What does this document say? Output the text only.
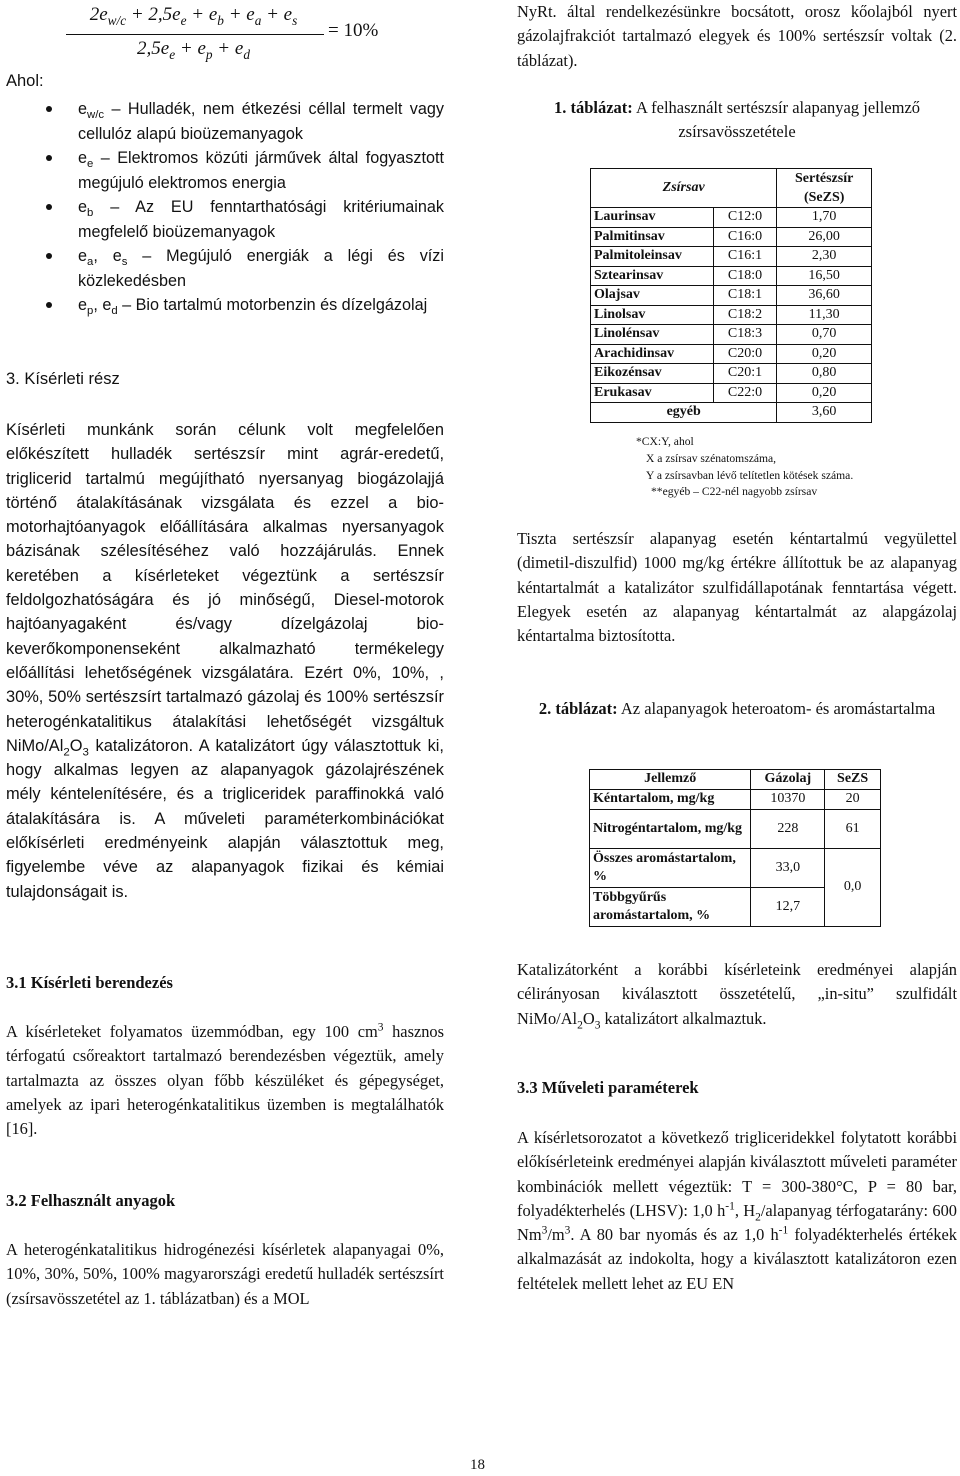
$2e_{w/c} + 2,5e_e + e_b + e_a + e_s$
$2,5e_e + e_p + e_d$
= 10%

Ahol:

$e_{w/c}$ – Hulladék, nem étkezési céllal termelt vagy cellulóz alapú bioüzemanyagok
$e_e$ – Elektromos közúti járművek által fogyasztott megújuló elektromos energia
$e_b$ – Az EU fenntarthatósági kritériumainak megfelelő bioüzemanyagok
$e_a$, $e_s$ – Megújuló energiák a légi és vízi közlekedésben
$e_p$, $e_d$ – Bio tartalmú motorbenzin és dízelgázolaj

3. Kísérleti rész

Kísérleti munkánk során célunk volt megfelelően előkészített hulladék sertészsír mint agrár-eredetű, triglicerid tartalmú megújítható nyersanyag biogázolajjá történő átalakításának vizsgálata és ezzel a bio-motorhajtóanyagok előállítására alkalmas nyersanyagok bázisának szélesítéséhez való hozzájárulás. Ennek keretében a kísérleteket végeztünk a sertészsír feldolgozhatóságára és jó minőségű, Diesel-motorok hajtóanyagaként és/vagy dízelgázolaj bio-keverőkomponenseként alkalmazható termékelegy előállítási lehetőségének vizsgálatára. Ezért 0%, 10%, , 30%, 50% sertészsírt tartalmazó gázolaj és 100% sertészsír heterogénkatalitikus átalakítási lehetőségét vizsgáltuk NiMo/$Al_2O_3$ katalizátoron. A katalizátort úgy választottuk ki, hogy alkalmas legyen az alapanyagok gázolajrészének mély kéntelenítésére, és a trigliceridek paraffinokká való átalakítására is. A műveleti paraméterkombinációkat előkísérleti eredményeink alapján választottuk meg, figyelembe véve az alapanyagok fizikai és kémiai tulajdonságait is.

3.1 Kísérleti berendezés

A kísérleteket folyamatos üzemmódban, egy 100 $cm^3$ hasznos térfogatú csőreaktort tartalmazó berendezésben végeztük, amely tartalmazta az összes olyan főbb készüléket és gépegységet, amelyek az ipari heterogénkatalitikus üzemben is megtalálhatók [16].

3.2 Felhasznált anyagok

A heterogénkatalitikus hidrogénezési kísérletek alapanyagai 0%, 10%, 30%, 50%, 100% magyarországi eredetű hulladék sertészsírt (zsírsavösszetétel az 1. táblázatban) és a MOL

NyRt. által rendelkezésünkre bocsátott, orosz kőolajból nyert gázolajfrakciót tartalmazó elegyek és 100% sertészsír voltak (2. táblázat).

1. táblázat: A felhasznált sertészsír alapanyag jellemző zsírsavösszetétele
Zsírsav		Sertészsír (SeZS)
Laurinsav	C12:0	1,70
Palmitinsav	C16:0	26,00
Palmitoleinsav	C16:1	2,30
Sztearinsav	C18:0	16,50
Olajsav	C18:1	36,60
Linolsav	C18:2	11,30
Linolénsav	C18:3	0,70
Arachidinsav	C20:0	0,20
Eikozénsav	C20:1	0,80
Erukasav	C22:0	0,20
egyéb		3,60
*CX:Y, ahol
X a zsírsav szénatomszáma,
Y a zsírsavban lévő telítetlen kötések száma.
**egyéb – C22-nél nagyobb zsírsav

Tiszta sertészsír alapanyag esetén kéntartalmú vegyülettel (dimetil-diszulfid) 1000 mg/kg értékre állítottuk be az alapanyag kéntartalmát a katalizátor szulfidállapotának fenntartása végett. Elegyek esetén az alapanyag kéntartalmát az alapgázolaj kéntartalma biztosította.

2. táblázat: Az alapanyagok heteroatom- és aromástartalma
Jellemző	Gázolaj	SeZS
Kéntartalom, mg/kg	10370	20
Nitrogéntartalom, mg/kg	228	61
Összes aromástartalom, %	33,0	0,0
Többgyűrűs aromástartalom, %	12,7	

Katalizátorként a korábbi kísérleteink eredményei alapján célirányosan kiválasztott összetételű, „in-situ” szulfidált NiMo/$Al_2O_3$ katalizátort alkalmaztuk.

3.3 Műveleti paraméterek

A kísérletsorozatot a következő trigliceridekkel folytatott korábbi előkísérleteink eredményei alapján kiválasztott műveleti paraméter kombinációk mellett végeztük: T = 300-380°C, P = 80 bar, folyadékterhelés (LHSV): 1,0 $h^{-1}$, $H_2$/alapanyag térfogatarány: 600 $Nm^3/m^3$. A 80 bar nyomás és az 1,0 $h^{-1}$ folyadékterhelés értékek alkalmazását az indokolta, hogy a kiválasztott katalizátoron ezen feltételek mellett lehet az EU EN

18
